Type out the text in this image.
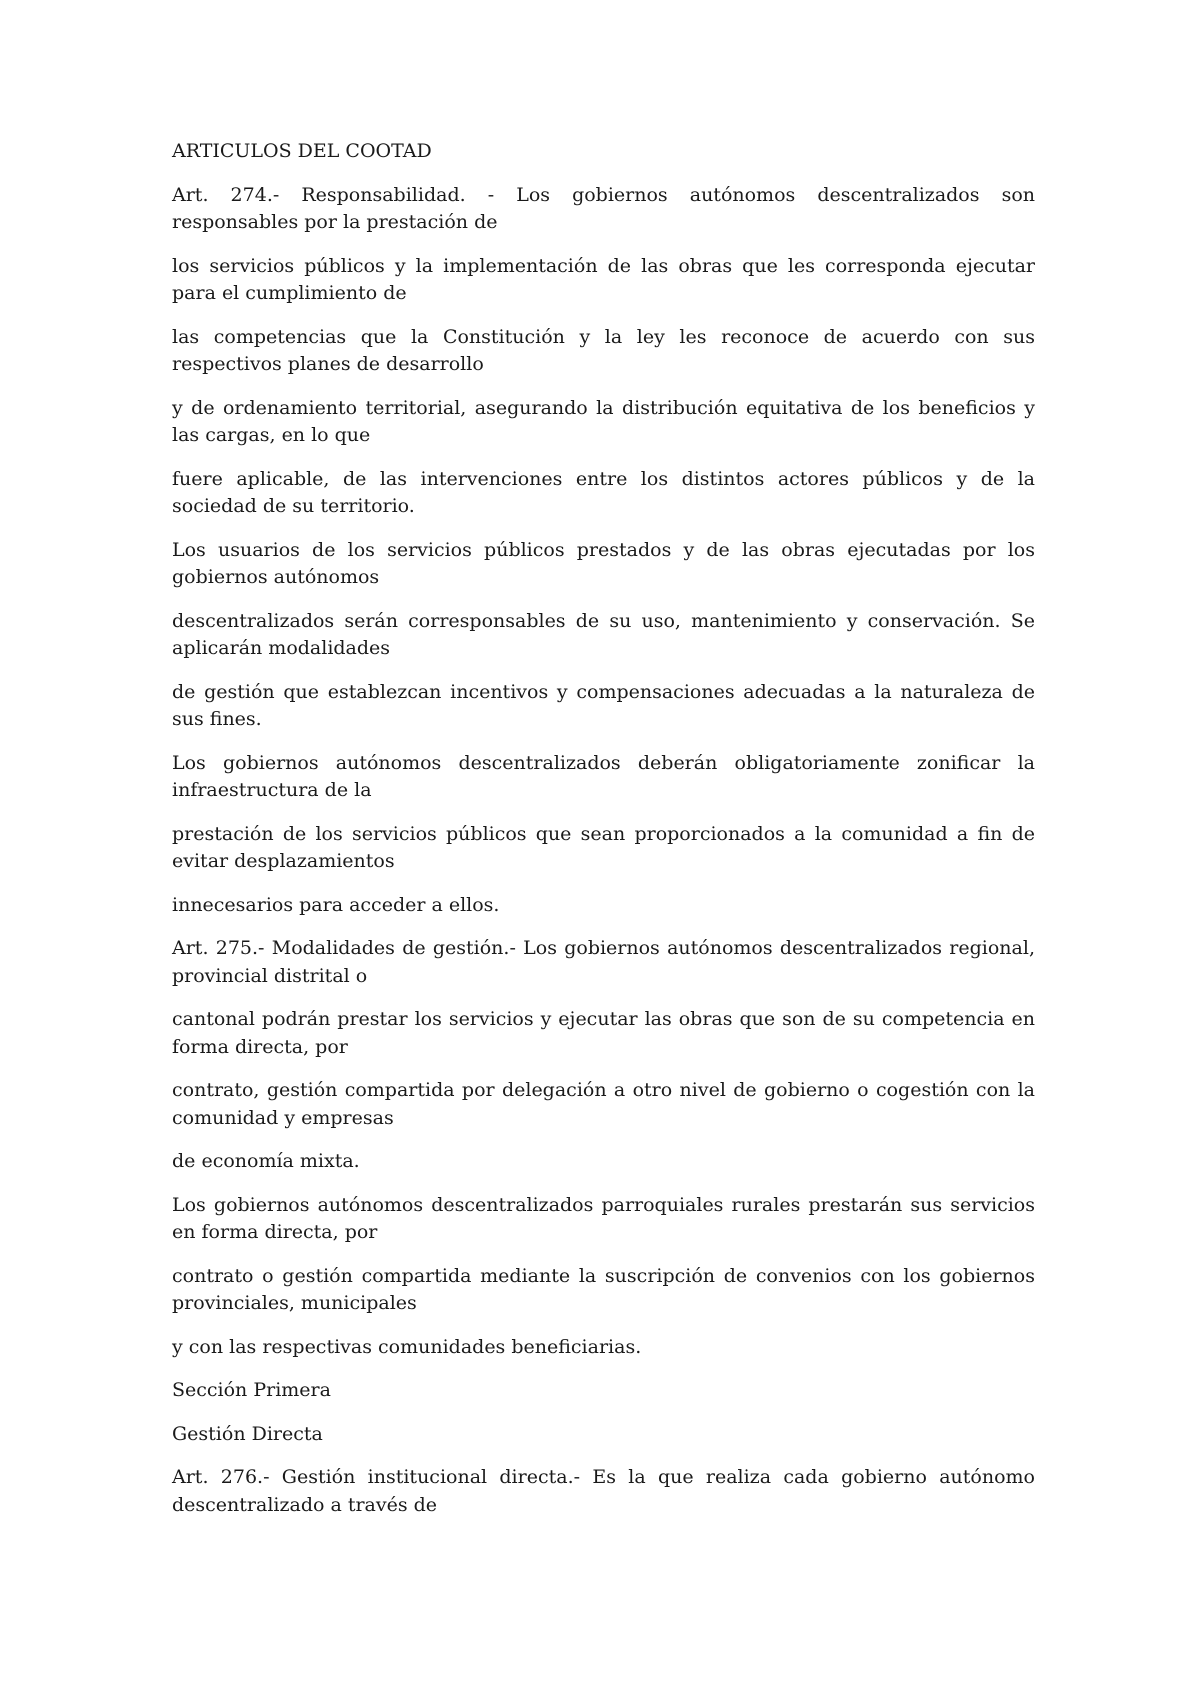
ARTICULOS DEL COOTAD

Art. 274.- Responsabilidad. - Los gobiernos autónomos descentralizados son responsables por la prestación de

los servicios públicos y la implementación de las obras que les corresponda ejecutar para el cumplimiento de

las competencias que la Constitución y la ley les reconoce de acuerdo con sus respectivos planes de desarrollo

y de ordenamiento territorial, asegurando la distribución equitativa de los beneficios y las cargas, en lo que

fuere aplicable, de las intervenciones entre los distintos actores públicos y de la sociedad de su territorio.

Los usuarios de los servicios públicos prestados y de las obras ejecutadas por los gobiernos autónomos

descentralizados serán corresponsables de su uso, mantenimiento y conservación. Se aplicarán modalidades

de gestión que establezcan incentivos y compensaciones adecuadas a la naturaleza de sus fines.

Los gobiernos autónomos descentralizados deberán obligatoriamente zonificar la infraestructura de la

prestación de los servicios públicos que sean proporcionados a la comunidad a fin de evitar desplazamientos

innecesarios para acceder a ellos.

Art. 275.- Modalidades de gestión.- Los gobiernos autónomos descentralizados regional, provincial distrital o

cantonal podrán prestar los servicios y ejecutar las obras que son de su competencia en forma directa, por

contrato, gestión compartida por delegación a otro nivel de gobierno o cogestión con la comunidad y empresas

de economía mixta.

Los gobiernos autónomos descentralizados parroquiales rurales prestarán sus servicios en forma directa, por

contrato o gestión compartida mediante la suscripción de convenios con los gobiernos provinciales, municipales

y con las respectivas comunidades beneficiarias.

Sección Primera

Gestión Directa

Art. 276.- Gestión institucional directa.- Es la que realiza cada gobierno autónomo descentralizado a través de
